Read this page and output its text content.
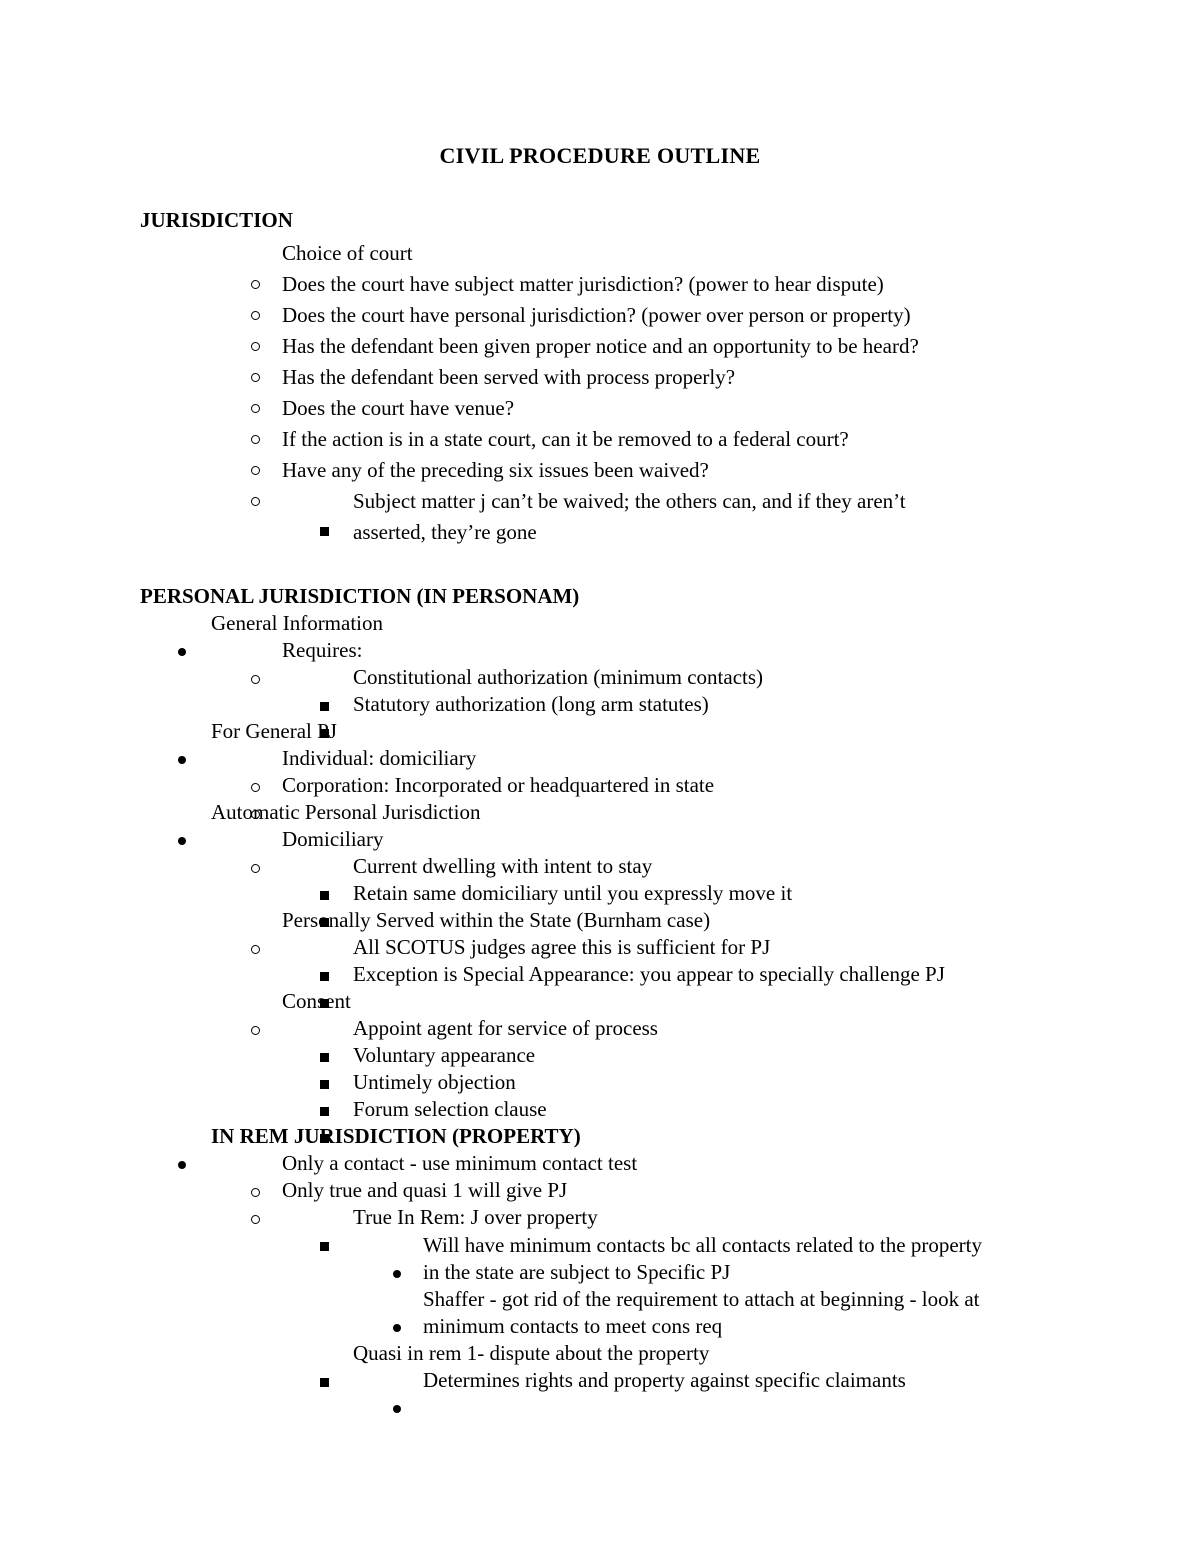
CIVIL PROCEDURE OUTLINE
JURISDICTION
Choice of court
Does the court have subject matter jurisdiction? (power to hear dispute)
Does the court have personal jurisdiction? (power over person or property)
Has the defendant been given proper notice and an opportunity to be heard?
Has the defendant been served with process properly?
Does the court have venue?
If the action is in a state court, can it be removed to a federal court?
Have any of the preceding six issues been waived?
Subject matter j can’t be waived; the others can, and if they aren’t
asserted, they’re gone
PERSONAL JURISDICTION (IN PERSONAM)
General Information
Requires:
Constitutional authorization (minimum contacts)
Statutory authorization (long arm statutes)
For General PJ
Individual: domiciliary
Corporation: Incorporated or headquartered in state
Automatic Personal Jurisdiction
Domiciliary
Current dwelling with intent to stay
Retain same domiciliary until you expressly move it
Personally Served within the State (Burnham case)
All SCOTUS judges agree this is sufficient for PJ
Exception is Special Appearance: you appear to specially challenge PJ
Consent
Appoint agent for service of process
Voluntary appearance
Untimely objection
Forum selection clause
IN REM JURISDICTION (PROPERTY)
Only a contact - use minimum contact test
Only true and quasi 1 will give PJ
True In Rem: J over property
Will have minimum contacts bc all contacts related to the property
in the state are subject to Specific PJ
Shaffer - got rid of the requirement to attach at beginning - look at
minimum contacts to meet cons req
Quasi in rem 1- dispute about the property
Determines rights and property against specific claimants
